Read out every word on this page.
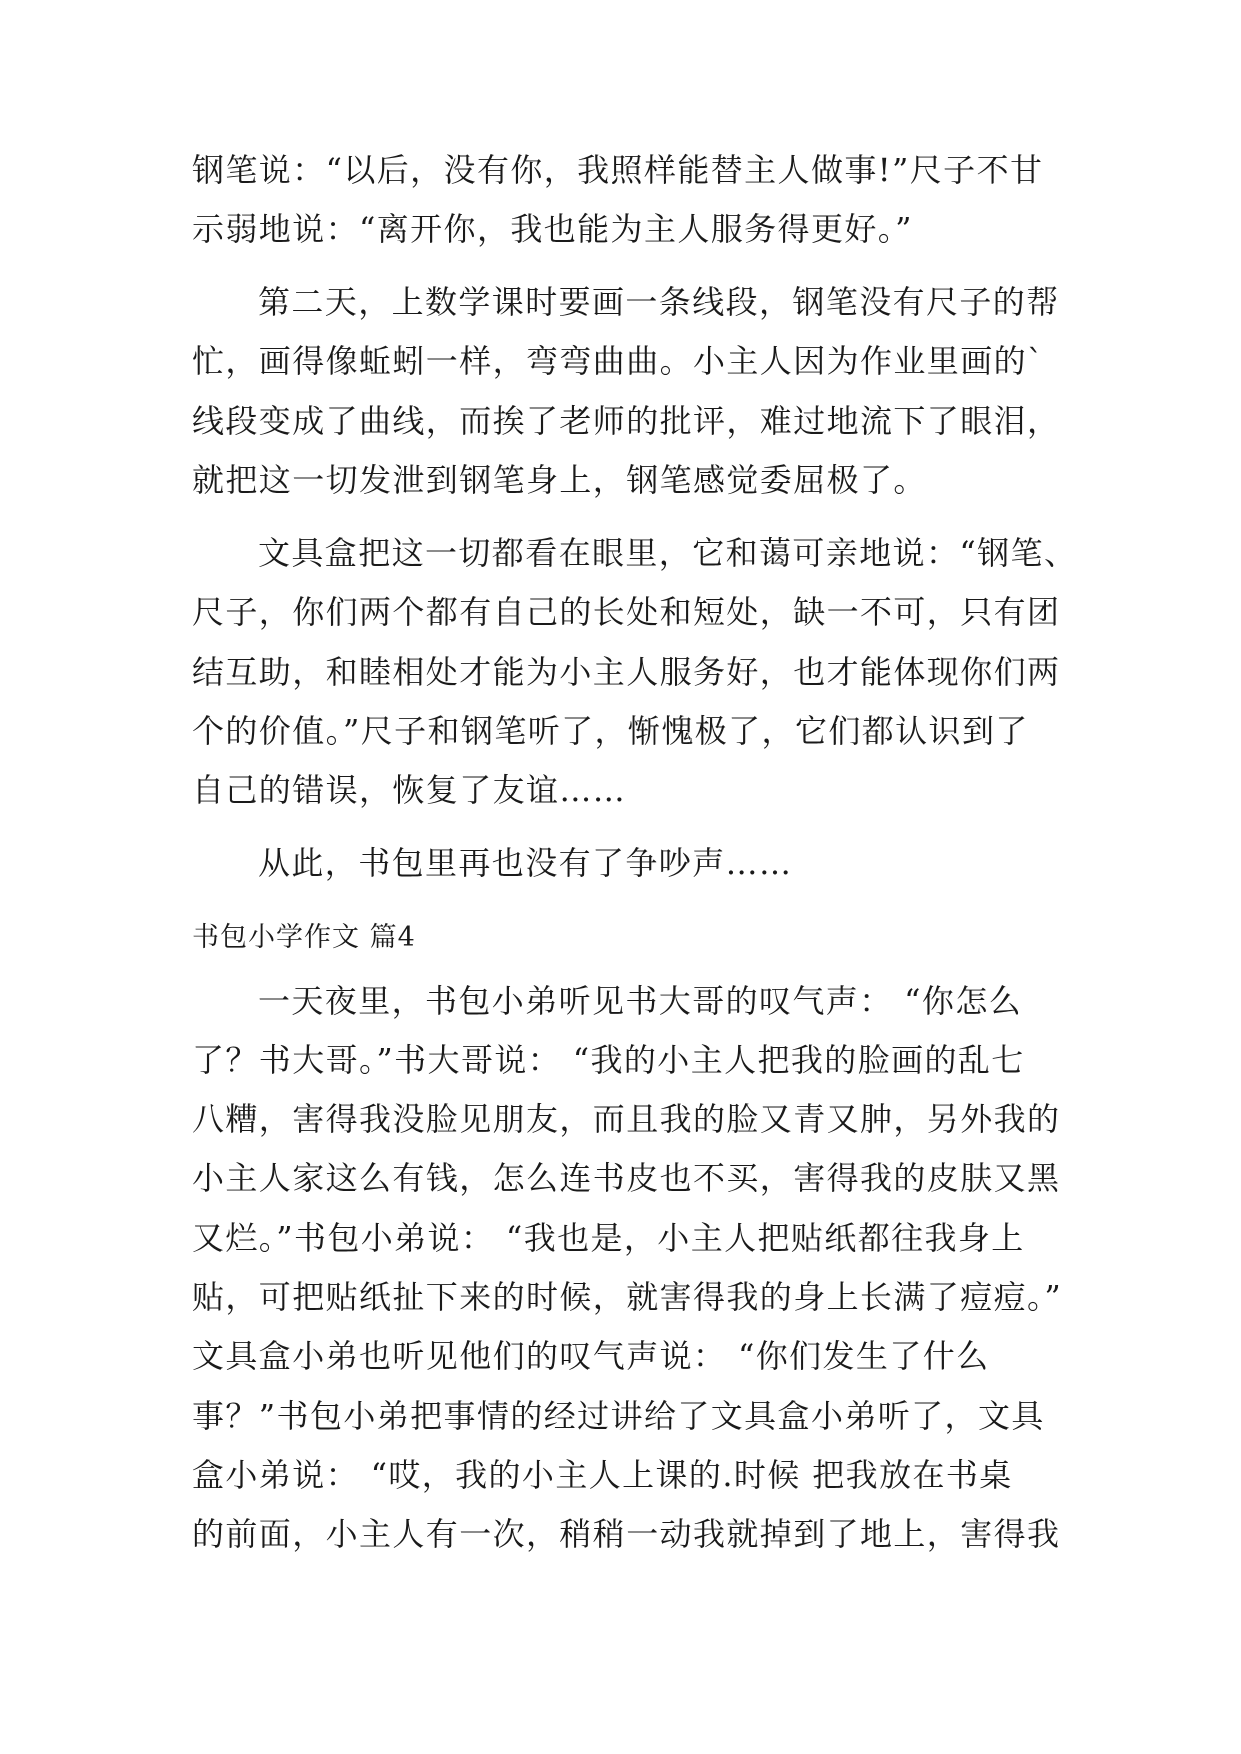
钢笔说：“以后，没有你，我照样能替主人做事!”尺子不甘
示弱地说：“离开你，我也能为主人服务得更好。”
第二天，上数学课时要画一条线段，钢笔没有尺子的帮
忙，画得像蚯蚓一样，弯弯曲曲。小主人因为作业里画的`
线段变成了曲线，而挨了老师的批评，难过地流下了眼泪，
就把这一切发泄到钢笔身上，钢笔感觉委屈极了。
文具盒把这一切都看在眼里，它和蔼可亲地说：“钢笔、
尺子，你们两个都有自己的长处和短处，缺一不可，只有团
结互助，和睦相处才能为小主人服务好，也才能体现你们两
个的价值。”尺子和钢笔听了，惭愧极了，它们都认识到了
自己的错误，恢复了友谊……
从此，书包里再也没有了争吵声……
书包小学作文 篇4
一天夜里，书包小弟听见书大哥的叹气声： “你怎么
了？书大哥。”书大哥说： “我的小主人把我的脸画的乱七
八糟，害得我没脸见朋友，而且我的脸又青又肿，另外我的
小主人家这么有钱，怎么连书皮也不买，害得我的皮肤又黑
又烂。”书包小弟说： “我也是，小主人把贴纸都往我身上
贴，可把贴纸扯下来的时候，就害得我的身上长满了痘痘。”
文具盒小弟也听见他们的叹气声说： “你们发生了什么
事？”书包小弟把事情的经过讲给了文具盒小弟听了，文具
盒小弟说： “哎，我的小主人上课的.时候 把我放在书桌
的前面，小主人有一次，稍稍一动我就掉到了地上，害得我
